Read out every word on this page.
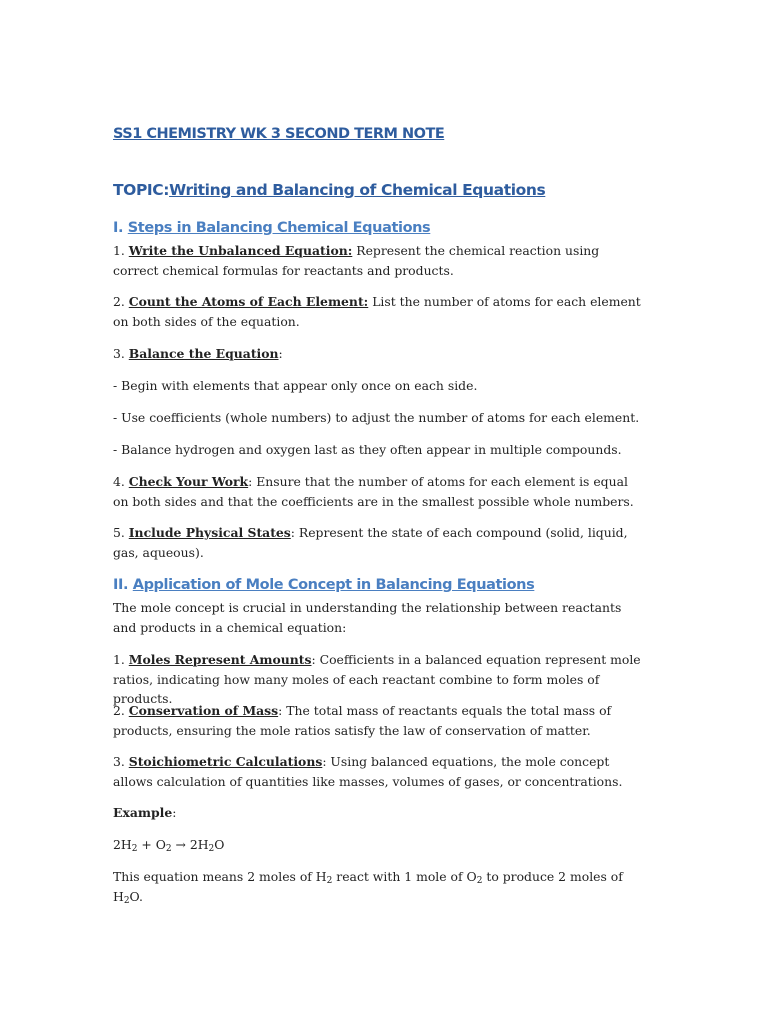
SS1 CHEMISTRY WK 3 SECOND TERM NOTE
TOPIC:Writing and Balancing of Chemical Equations
I. Steps in Balancing Chemical Equations

1. Write the Unbalanced Equation: Represent the chemical reaction using correct chemical formulas for reactants and products.

2. Count the Atoms of Each Element: List the number of atoms for each element on both sides of the equation.

3. Balance the Equation:

- Begin with elements that appear only once on each side.

- Use coefficients (whole numbers) to adjust the number of atoms for each element.

- Balance hydrogen and oxygen last as they often appear in multiple compounds.

4. Check Your Work: Ensure that the number of atoms for each element is equal on both sides and that the coefficients are in the smallest possible whole numbers.

5. Include Physical States: Represent the state of each compound (solid, liquid, gas, aqueous).

II. Application of Mole Concept in Balancing Equations

The mole concept is crucial in understanding the relationship between reactants and products in a chemical equation:

1. Moles Represent Amounts: Coefficients in a balanced equation represent mole ratios, indicating how many moles of each reactant combine to form moles of products.

2. Conservation of Mass: The total mass of reactants equals the total mass of products, ensuring the mole ratios satisfy the law of conservation of matter.

3. Stoichiometric Calculations: Using balanced equations, the mole concept allows calculation of quantities like masses, volumes of gases, or concentrations.

Example:

$2H_2 + O_2 \to 2H_2O$

This equation means 2 moles of $H_2$ react with 1 mole of $O_2$ to produce 2 moles of $H_2O$.
